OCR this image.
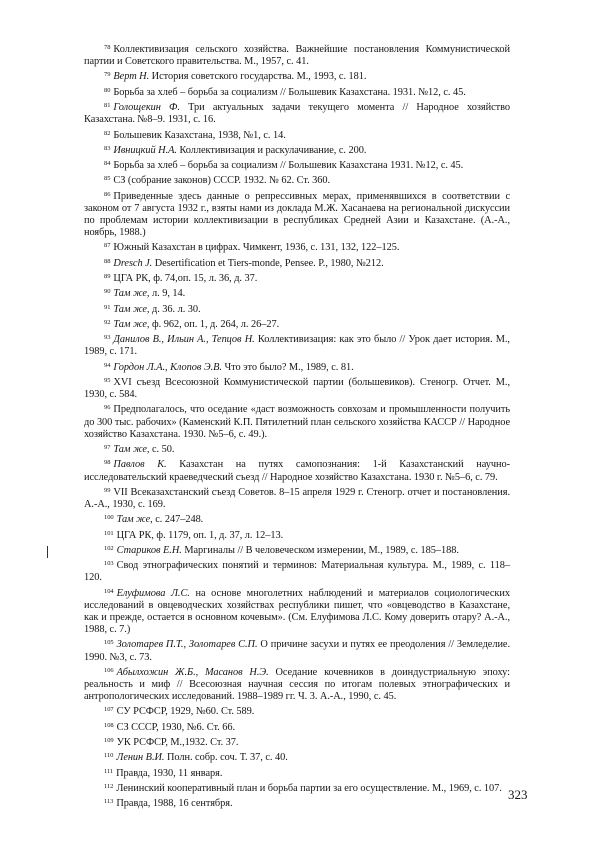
$^{78}$ Коллективизация сельского хозяйства. Важнейшие постановления Коммунистической партии и Советского правительства. М., 1957, с. 41.

$^{79}$ Верт Н. История советского государства. М., 1993, с. 181.

$^{80}$ Борьба за хлеб – борьба за социализм // Большевик Казахстана. 1931. №12, с. 45.

$^{81}$ Голощекин Ф. Три актуальных задачи текущего момента // Народное хозяйство Казахстана. №8–9. 1931, с. 16.

$^{82}$ Большевик Казахстана, 1938, №1, с. 14.

$^{83}$ Ивницкий Н.А. Коллективизация и раскулачивание, с. 200.

$^{84}$ Борьба за хлеб – борьба за социализм // Большевик Казахстана 1931. №12, с. 45.

$^{85}$ СЗ (собрание законов) СССР. 1932. № 62. Ст. 360.

$^{86}$ Приведенные здесь данные о репрессивных мерах, применявшихся в соответствии с законом от 7 августа 1932 г., взяты нами из доклада М.Ж. Хасанаева на региональной дискуссии по проблемам истории коллективизации в республиках Средней Азии и Казахстане. (А.-А., ноябрь, 1988.)

$^{87}$ Южный Казахстан в цифрах. Чимкент, 1936, с. 131, 132, 122–125.

$^{88}$ Dresch J. Desertification et Tiers-monde, Pensee. P., 1980, №212.

$^{89}$ ЦГА РК, ф. 74,оп. 15, л. 36, д. 37.

$^{90}$ Там же, л. 9, 14.

$^{91}$ Там же, д. 36. л. 30.

$^{92}$ Там же, ф. 962, оп. 1, д. 264, л. 26–27.

$^{93}$ Данилов В., Ильин А., Тепцов Н. Коллективизация: как это было // Урок дает история. М., 1989, с. 171.

$^{94}$ Гордон Л.А., Клопов Э.В. Что это было? М., 1989, с. 81.

$^{95}$ XVI съезд Всесоюзной Коммунистической партии (большевиков). Стеногр. Отчет. М., 1930, с. 584.

$^{96}$ Предполагалось, что оседание «даст возможность совхозам и промышленности получить до 300 тыс. рабочих» (Каменский К.П. Пятилетний план сельского хозяйства КАССР // Народное хозяйство Казахстана. 1930. №5–6, с. 49.).

$^{97}$ Там же, с. 50.

$^{98}$ Павлов К. Казахстан на путях самопознания: 1-й Казахстанский научно-исследовательский краеведческий съезд // Народное хозяйство Казахстана. 1930 г. №5–6, с. 79.

$^{99}$ VII Всеказахстанский съезд Советов. 8–15 апреля 1929 г. Стеногр. отчет и постановления. А.-А., 1930, с. 169.

$^{100}$ Там же, с. 247–248.

$^{101}$ ЦГА РК, ф. 1179, оп. 1, д. 37, л. 12–13.

$^{102}$ Стариков Е.Н. Маргиналы // В человеческом измерении, М., 1989, с. 185–188.

$^{103}$ Свод этнографических понятий и терминов: Материальная культура. М., 1989, с. 118–120.

$^{104}$ Елуфимова Л.С. на основе многолетних наблюдений и материалов социологических исследований в овцеводческих хозяйствах республики пишет, что «овцеводство в Казахстане, как и прежде, остается в основном кочевым». (См. Елуфимова Л.С. Кому доверить отару? А.-А., 1988, с. 7.)

$^{105}$ Золотарев П.Т., Золотарев С.П. О причине засухи и путях ее преодоления // Земледелие. 1990. №3, с. 73.

$^{106}$ Абылхожин Ж.Б., Масанов Н.Э. Оседание кочевников в доиндустриальную эпоху: реальность и миф // Всесоюзная научная сессия по итогам полевых этнографических и антропологических исследований. 1988–1989 гг. Ч. 3. А.-А., 1990, с. 45.

$^{107}$ СУ РСФСР, 1929, №60. Ст. 589.

$^{108}$ СЗ СССР, 1930, №6. Ст. 66.

$^{109}$ УК РСФСР, М.,1932. Ст. 37.

$^{110}$ Ленин В.И. Полн. собр. соч. Т. 37, с. 40.

$^{111}$ Правда, 1930, 11 января.

$^{112}$ Ленинский кооперативный план и борьба партии за его осуществление. М., 1969, с. 107.

$^{113}$ Правда, 1988, 16 сентября.

323
